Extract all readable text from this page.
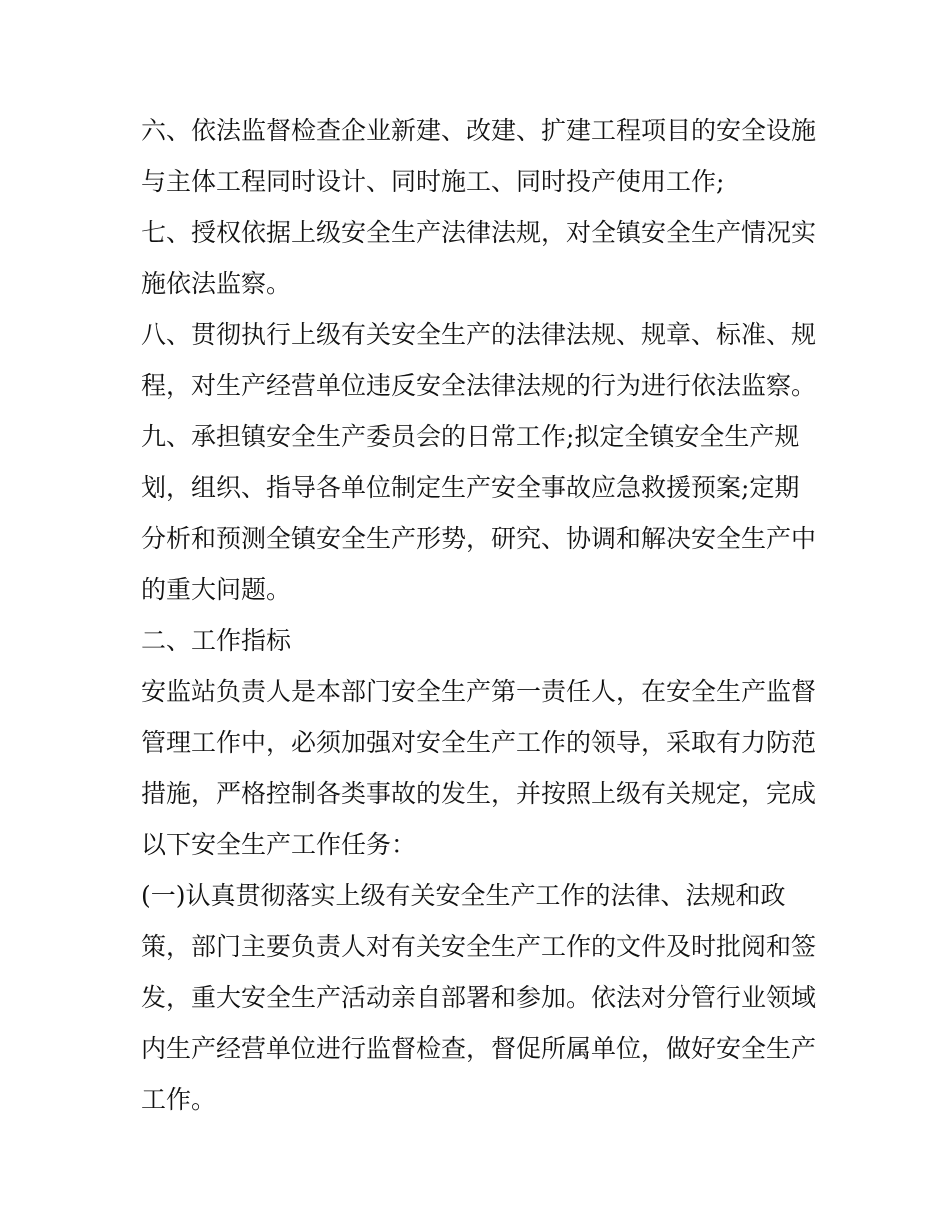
六、依法监督检查企业新建、改建、扩建工程项目的安全设施
与主体工程同时设计、同时施工、同时投产使用工作;
七、授权依据上级安全生产法律法规，对全镇安全生产情况实
施依法监察。
八、贯彻执行上级有关安全生产的法律法规、规章、标准、规
程，对生产经营单位违反安全法律法规的行为进行依法监察。
九、承担镇安全生产委员会的日常工作;拟定全镇安全生产规
划，组织、指导各单位制定生产安全事故应急救援预案;定期
分析和预测全镇安全生产形势，研究、协调和解决安全生产中
的重大问题。
二、工作指标
安监站负责人是本部门安全生产第一责任人，在安全生产监督
管理工作中，必须加强对安全生产工作的领导，采取有力防范
措施，严格控制各类事故的发生，并按照上级有关规定，完成
以下安全生产工作任务：
(一)认真贯彻落实上级有关安全生产工作的法律、法规和政
策，部门主要负责人对有关安全生产工作的文件及时批阅和签
发，重大安全生产活动亲自部署和参加。依法对分管行业领域
内生产经营单位进行监督检查，督促所属单位，做好安全生产
工作。
